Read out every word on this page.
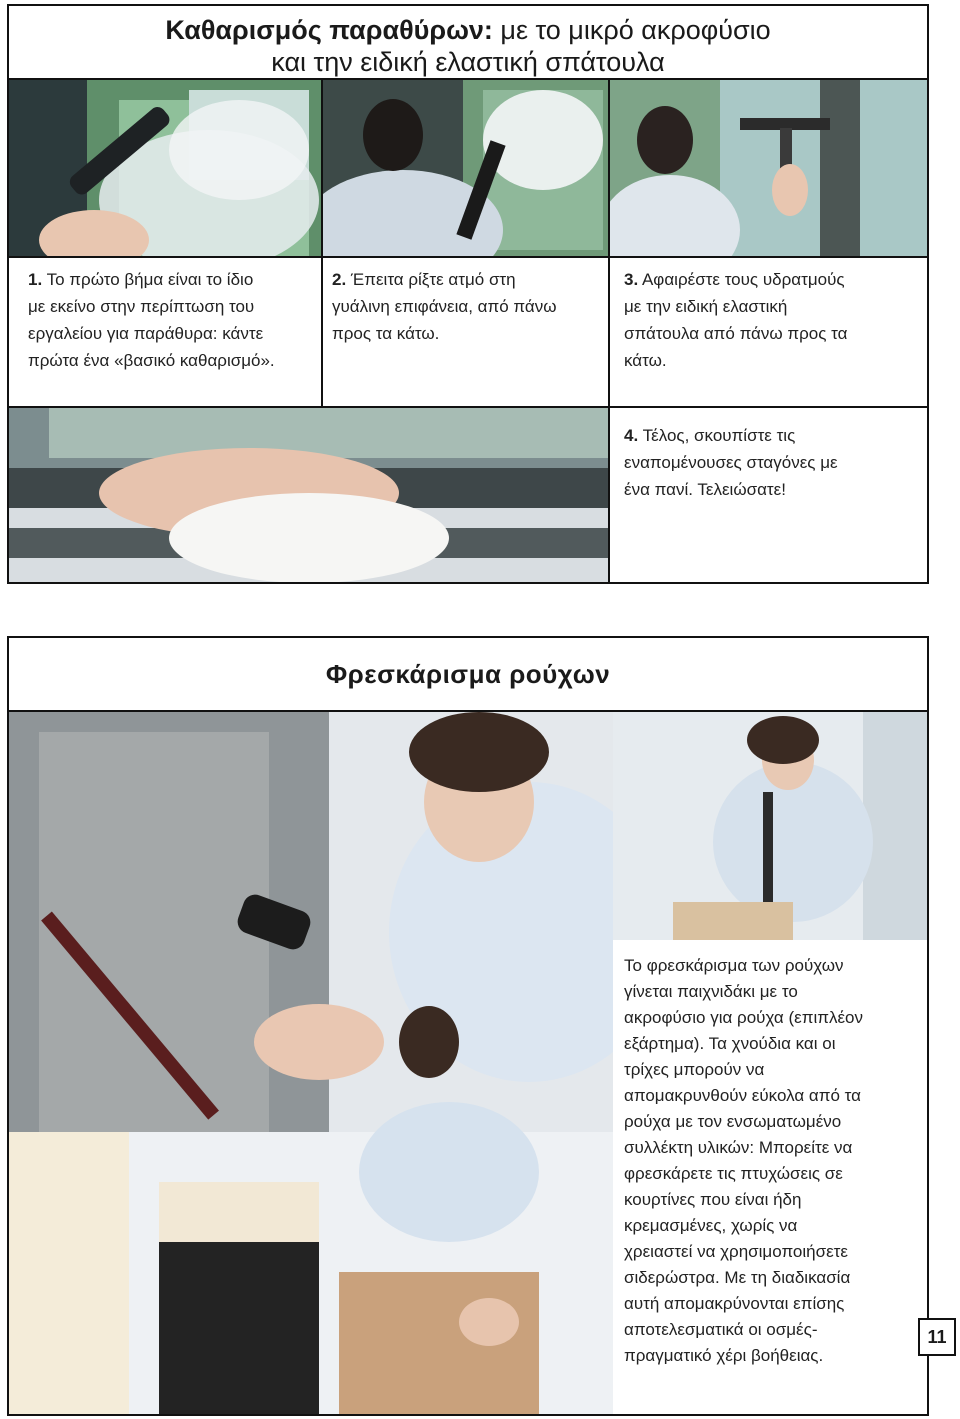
1. Το πρώτο βήμα είναι το ίδιο
με εκείνο στην περίπτωση του
εργαλείου για παράθυρα: κάντε
πρώτα ένα «βασικό καθαρισμό».
2. Έπειτα ρίξτε ατμό στη
γυάλινη επιφάνεια, από πάνω
προς τα κάτω.
3. Αφαιρέστε τους υδρατμούς
με την ειδική ελαστική
σπάτουλα από πάνω προς τα
κάτω.
4. Τέλος, σκουπίστε τις
εναπομένουσες σταγόνες με
ένα πανί. Τελειώσατε!
Καθαρισμός παραθύρων: με το μικρό ακροφύσιο
και την ειδική ελαστική σπάτουλα
Το φρεσκάρισμα των ρούχων
γίνεται παιχνιδάκι με το
ακροφύσιο για ρούχα (επιπλέον
εξάρτημα). Τα χνούδια και οι
τρίχες μπορούν να
απομακρυνθούν εύκολα από τα
ρούχα με τον ενσωματωμένο
συλλέκτη υλικών: Μπορείτε να
φρεσκάρετε τις πτυχώσεις σε
κουρτίνες που είναι ήδη
κρεμασμένες, χωρίς να
χρειαστεί να χρησιμοποιήσετε
σιδερώστρα. Με τη διαδικασία
αυτή απομακρύνονται επίσης
αποτελεσματικά οι οσμές-
πραγματικό χέρι βοήθειας.
Φρεσκάρισμα ρούχων
11
